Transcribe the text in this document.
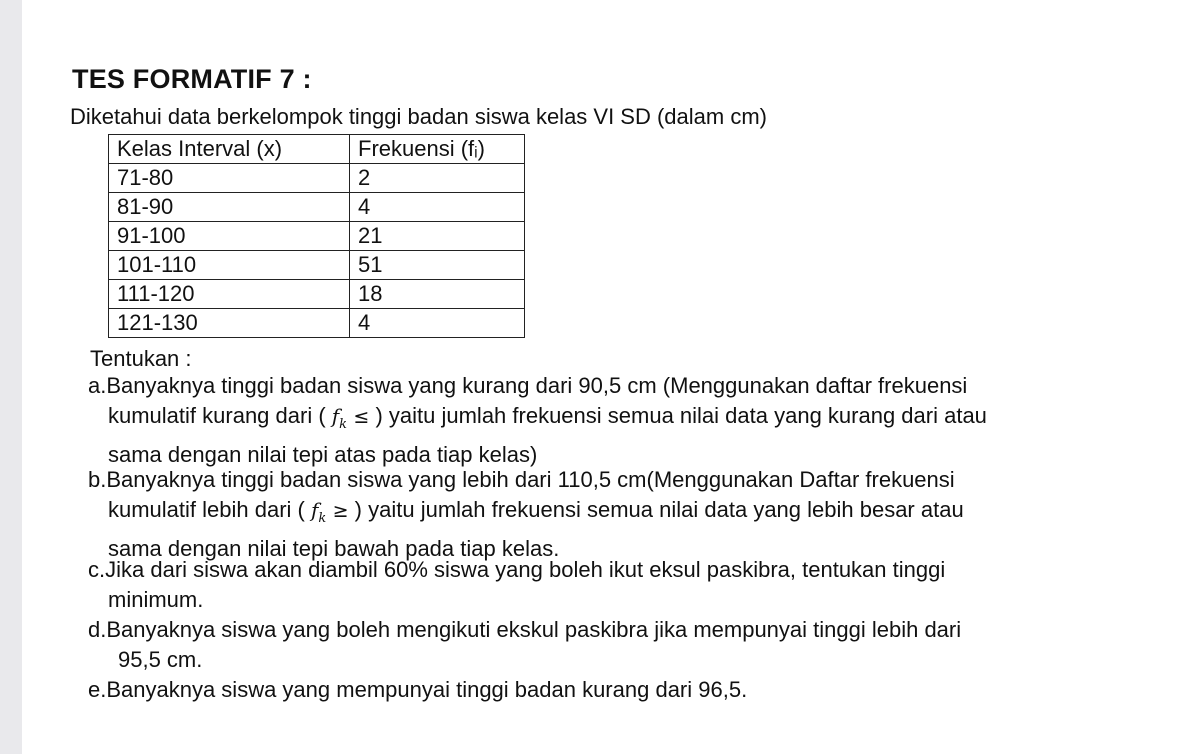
TES FORMATIF 7 :
Diketahui data berkelompok tinggi badan siswa kelas VI SD (dalam cm)
Kelas Interval (x)	Frekuensi (fᵢ)
71-80	2
81-90	4
91-100	21
101-110	51
111-120	18
121-130	4
Tentukan :
a.Banyaknya tinggi badan siswa yang kurang dari 90,5 cm (Menggunakan daftar frekuensi
kumulatif kurang dari ( $f_k$ ≤ ) yaitu jumlah frekuensi semua nilai data yang kurang dari atau
sama dengan nilai tepi atas pada tiap kelas)
b.Banyaknya tinggi badan siswa yang lebih dari 110,5 cm(Menggunakan Daftar frekuensi
kumulatif lebih dari ( $f_k$ ≥ ) yaitu jumlah frekuensi semua nilai data yang lebih besar atau
sama dengan nilai tepi bawah pada tiap kelas.
c.Jika dari siswa akan diambil 60% siswa yang boleh ikut eksul paskibra, tentukan tinggi
minimum.
d.Banyaknya siswa yang boleh mengikuti ekskul paskibra jika mempunyai tinggi lebih dari
95,5 cm.
e.Banyaknya siswa yang mempunyai tinggi badan kurang dari 96,5.
